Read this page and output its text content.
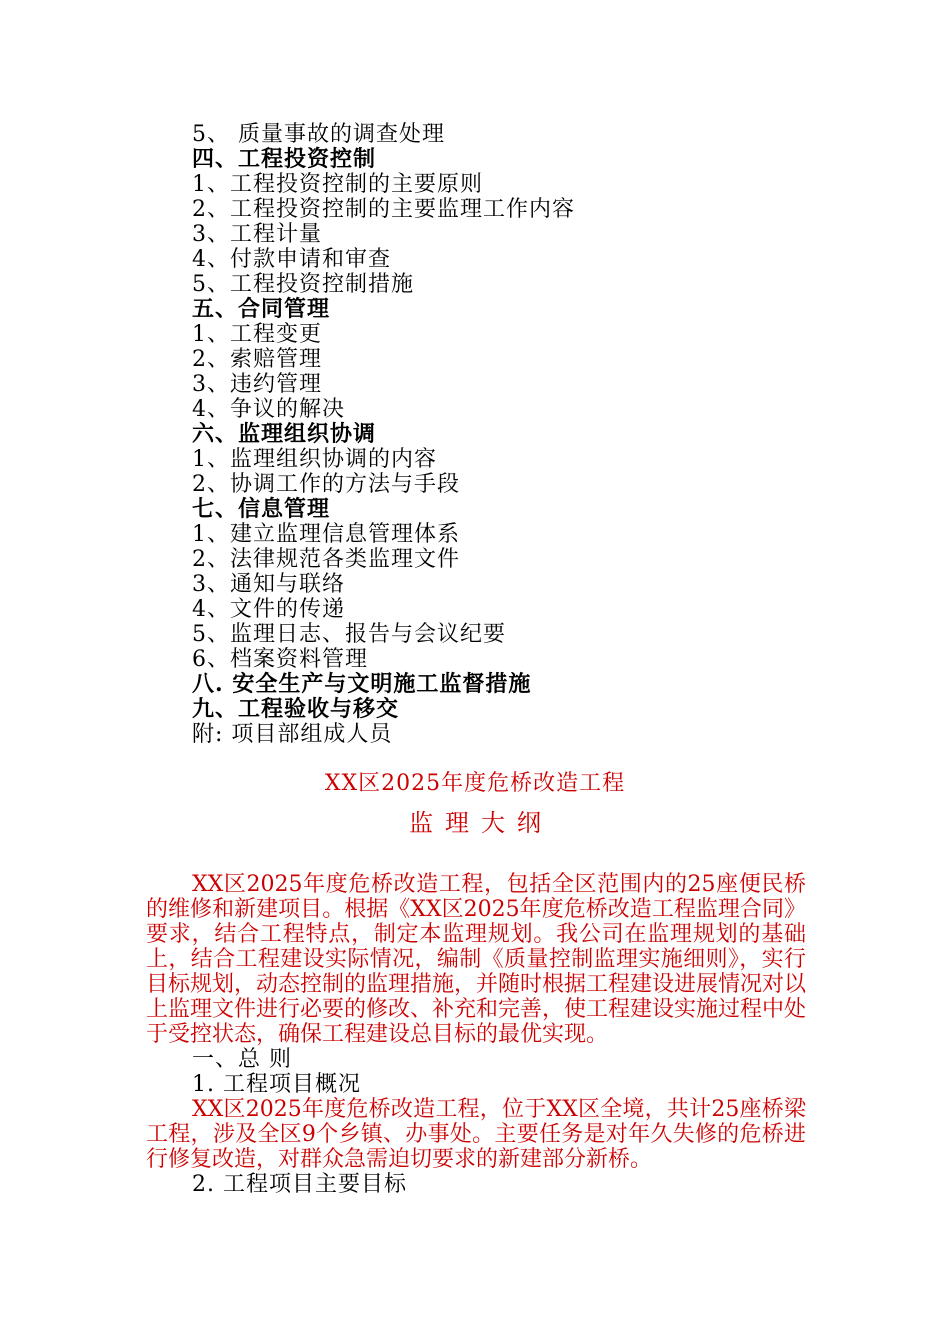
5、 质量事故的调查处理
四、工程投资控制
1、工程投资控制的主要原则
2、工程投资控制的主要监理工作内容
3、工程计量
4、付款申请和审查
5、工程投资控制措施
五、合同管理
1、工程变更
2、索赔管理
3、违约管理
4、争议的解决
六、监理组织协调
1、监理组织协调的内容
2、协调工作的方法与手段
七、信息管理
1、建立监理信息管理体系
2、法律规范各类监理文件
3、通知与联络
4、文件的传递
5、监理日志、报告与会议纪要
6、档案资料管理
八. 安全生产与文明施工监督措施
九、工程验收与移交
附: 项目部组成人员
XX区2025年度危桥改造工程
监理大纲

XX区2025年度危桥改造工程，包括全区范围内的25座便民桥的维修和新建项目。根据《XX区2025年度危桥改造工程监理合同》要求，结合工程特点，制定本监理规划。我公司在监理规划的基础上，结合工程建设实际情况，编制《质量控制监理实施细则》，实行目标规划，动态控制的监理措施，并随时根据工程建设进展情况对以上监理文件进行必要的修改、补充和完善，使工程建设实施过程中处于受控状态，确保工程建设总目标的最优实现。

一、总 则
1. 工程项目概况

XX区2025年度危桥改造工程，位于XX区全境，共计25座桥梁工程，涉及全区9个乡镇、办事处。主要任务是对年久失修的危桥进行修复改造，对群众急需迫切要求的新建部分新桥。

2. 工程项目主要目标
